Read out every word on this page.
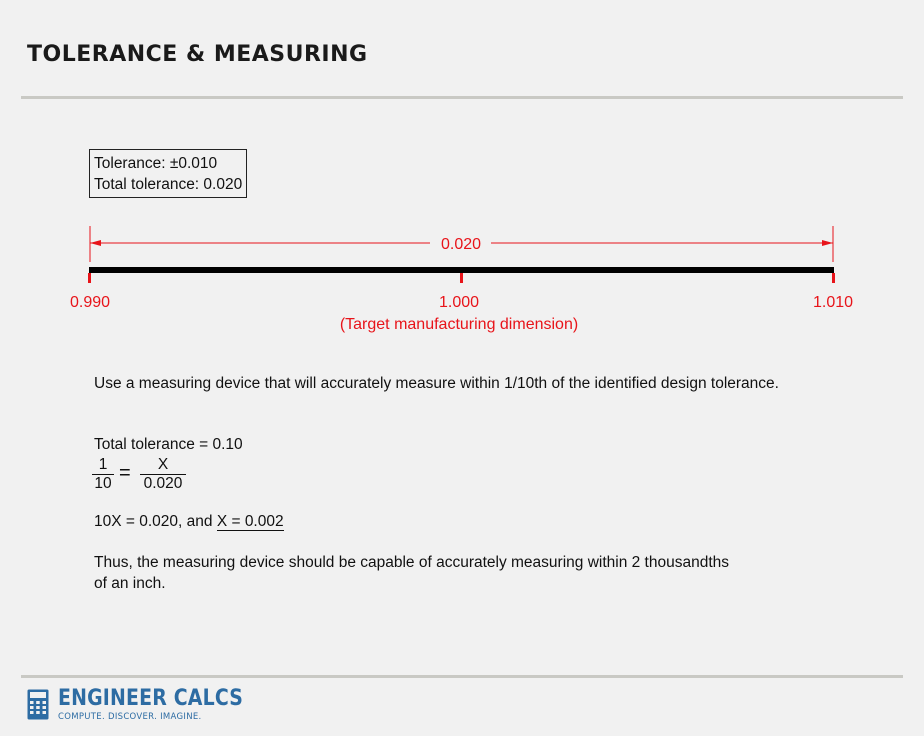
TOLERANCE & MEASURING
Tolerance: ±0.010
Total tolerance: 0.020
0.020
0.990	1.000	1.010
(Target manufacturing dimension)
Use a measuring device that will accurately measure within 1/10th of the identified design tolerance.
Total tolerance = 0.10
1
10 =	X
0.020
10X = 0.020, and X = 0.002
Thus, the measuring device should be capable of accurately measuring within 2 thousandths of an inch.
ENGINEER CALCS
COMPUTE. DISCOVER. IMAGINE.
